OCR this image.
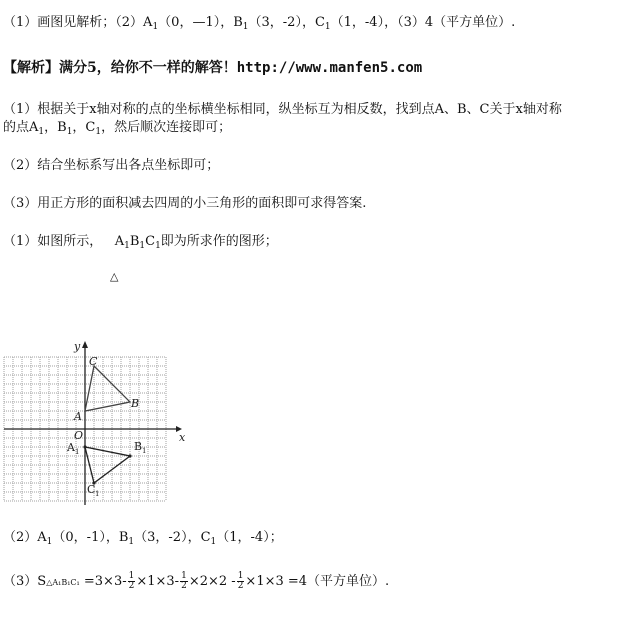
（1）画图见解析；$(2)A_1(0$，—1），$B_1(3$，-2），$C_1(1$，-4），（3）4（平方单位）.
【解析】满分5，给你不一样的解答！http://www.manfen5.com
（1）根据关于x轴对称的点的坐标横坐标相同，纵坐标互为相反数，找到点A、B、C关于x轴对称
的点$A_1$，$B_1$，$C_1$，然后顺次连接即可；
（2）结合坐标系写出各点坐标即可；
（3）用正方形的面积减去四周的小三角形的面积即可求得答案.
（1）如图所示， $A_1B_1C_1$即为所求作的图形；
△
x
y
O
A
C
B
A 1	B 1
C 1
$(2)A_1(0$，-1），$B_1(3$，-2），$C_1(1$，-4）；
（3）S△A₁B₁C₁ $=3\times 3- \frac{1}{2} \times 1\times 3- \frac{1}{2} \times 2\times 2 - \frac{1}{2} \times 1\times 3 =4$（平方单位）.
